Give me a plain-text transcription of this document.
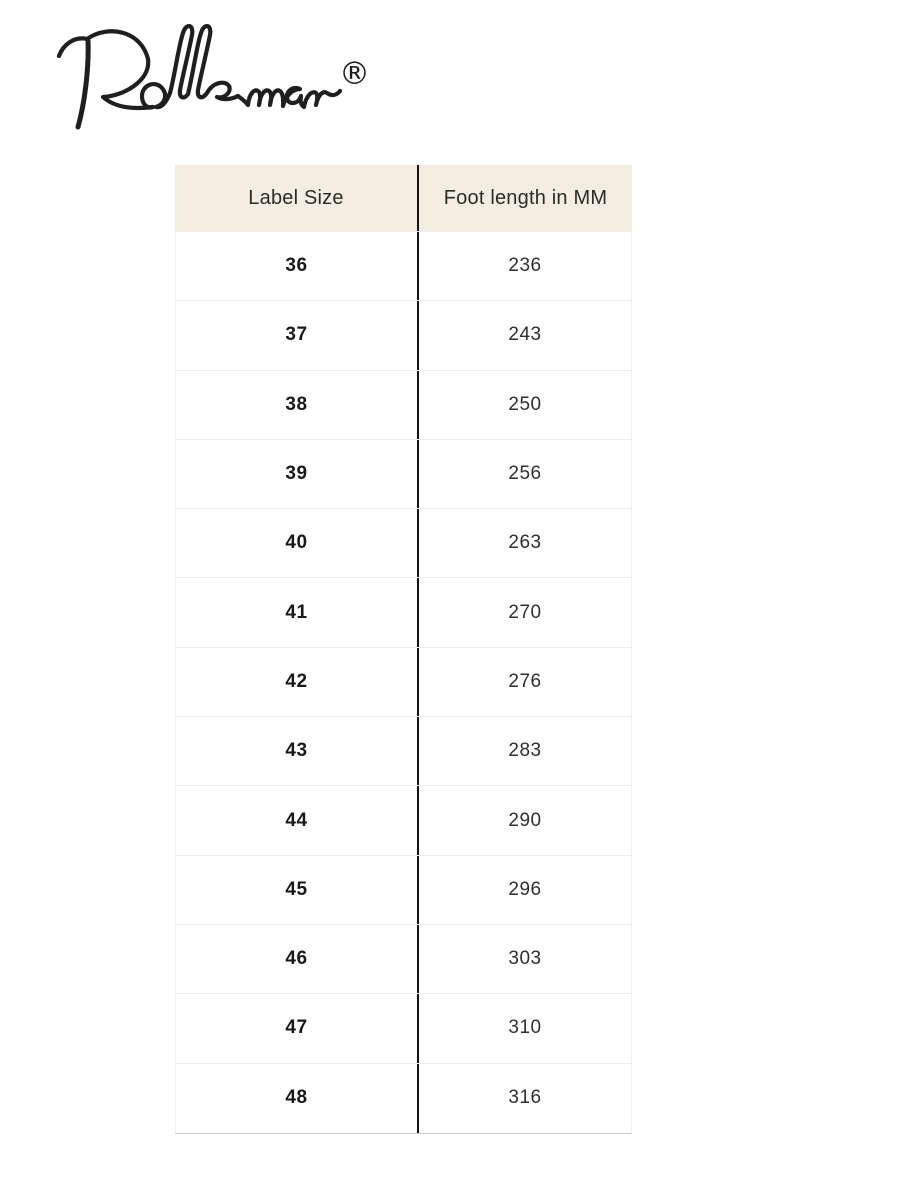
®
Label Size	Foot length in MM
36	236
37	243
38	250
39	256
40	263
41	270
42	276
43	283
44	290
45	296
46	303
47	310
48	316
